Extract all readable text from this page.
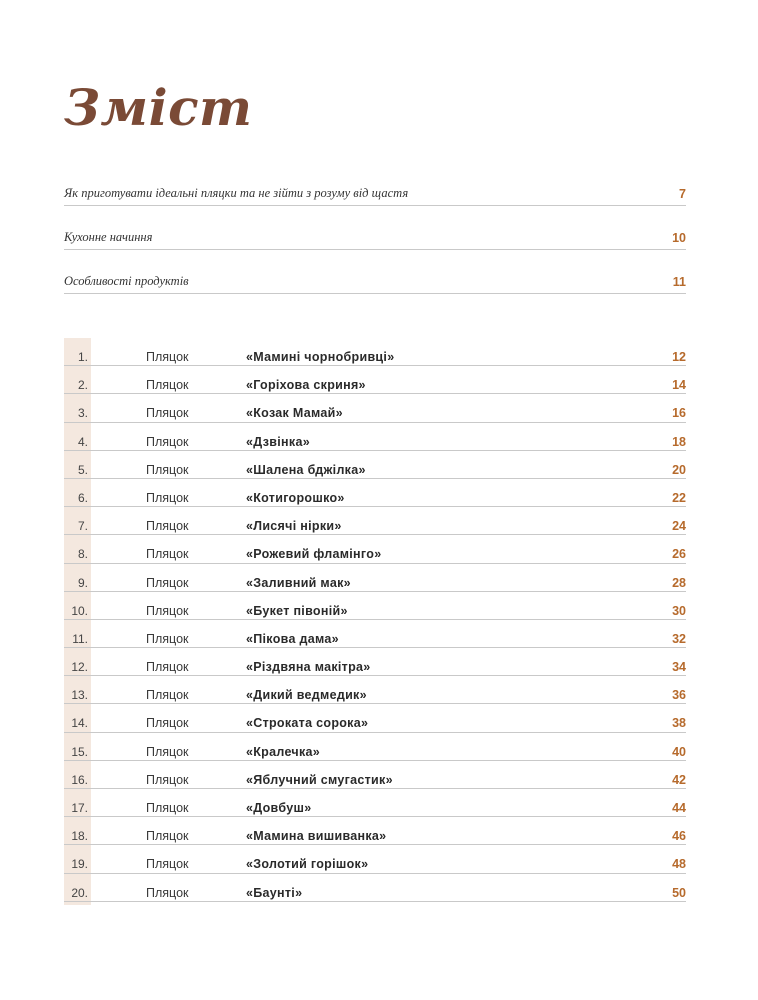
Зміст
Як приготувати ідеальні пляцки та не зійти з розуму від щастя	7
Кухонне начиння	10
Особливості продуктів	11
1.	Пляцок	«Мамині чорнобривці»	12
2.	Пляцок	«Горіхова скриня»	14
3.	Пляцок	«Козак Мамай»	16
4.	Пляцок	«Дзвінка»	18
5.	Пляцок	«Шалена бджілка»	20
6.	Пляцок	«Котигорошко»	22
7.	Пляцок	«Лисячі нірки»	24
8.	Пляцок	«Рожевий фламінго»	26
9.	Пляцок	«Заливний мак»	28
10.	Пляцок	«Букет півоній»	30
11.	Пляцок	«Пікова дама»	32
12.	Пляцок	«Різдвяна макітра»	34
13.	Пляцок	«Дикий ведмедик»	36
14.	Пляцок	«Строката сорока»	38
15.	Пляцок	«Кралечка»	40
16.	Пляцок	«Яблучний смугастик»	42
17.	Пляцок	«Довбуш»	44
18.	Пляцок	«Мамина вишиванка»	46
19.	Пляцок	«Золотий горішок»	48
20.	Пляцок	«Баунті»	50
